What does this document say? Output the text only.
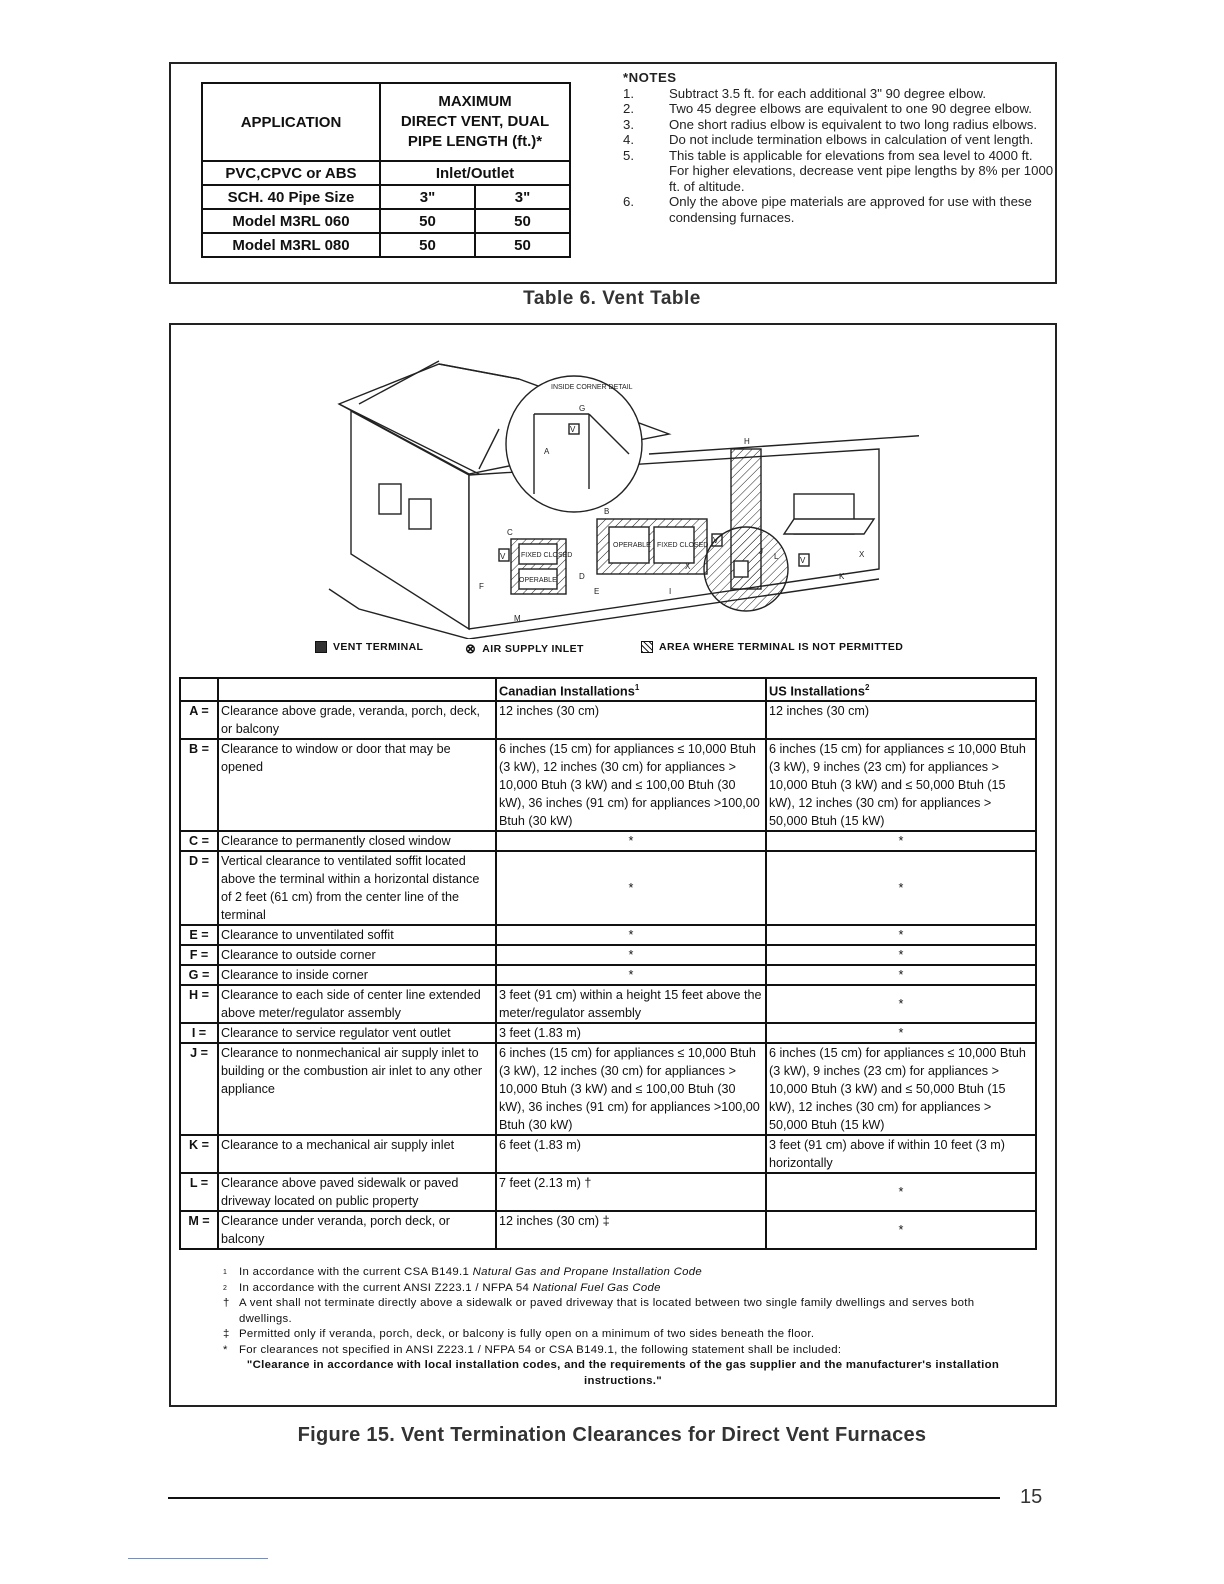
APPLICATION	MAXIMUM
DIRECT VENT, DUAL
PIPE LENGTH (ft.)*	

PVC,CPVC or ABS	Inlet/Outlet	
SCH. 40 Pipe Size	3"	3"
Model M3RL 060	50	50
Model M3RL 080	50	50
*NOTES
1.	Subtract 3.5 ft. for each additional 3" 90 degree elbow.
2.	Two 45 degree elbows are equivalent to one 90 degree elbow.
3.	One short radius elbow is equivalent to two long radius elbows.
4.	Do not include termination elbows in calculation of vent length.
5.	This table is applicable for elevations from sea level to 4000 ft. For higher elevations, decrease vent pipe lengths by 8% per 1000 ft. of altitude.
6.	Only the above pipe materials are approved for use with these condensing furnaces.
Table 6. Vent Table
INSIDE CORNER DETAIL
FIXED CLOSED
OPERABLE
OPERABLE FIXED CLOSED
A
B
C
D
E
F
G
H
I
J
K
L
M
V
V
V
V
X
X
VENT TERMINAL	⊗ AIR SUPPLY INLET	AREA WHERE TERMINAL IS NOT PERMITTED
		Canadian Installations$^1$	US Installations$^2$
A =	Clearance above grade, veranda, porch, deck, or balcony	12 inches (30 cm)	12 inches (30 cm)
B =	Clearance to window or door that may be opened	6 inches (15 cm) for appliances ≤ 10,000 Btuh (3 kW), 12 inches (30 cm) for appliances > 10,000 Btuh (3 kW) and ≤ 100,00 Btuh (30 kW), 36 inches (91 cm) for appliances >100,00 Btuh (30 kW)	6 inches (15 cm) for appliances ≤ 10,000 Btuh (3 kW), 9 inches (23 cm) for appliances > 10,000 Btuh (3 kW) and ≤ 50,000 Btuh (15 kW), 12 inches (30 cm) for appliances > 50,000 Btuh (15 kW)
C =	Clearance to permanently closed window	*	*
D =	Vertical clearance to ventilated soffit located above the terminal within a horizontal distance of 2 feet (61 cm) from the center line of the terminal	*	*
E =	Clearance to unventilated soffit	*	*
F =	Clearance to outside corner	*	*
G =	Clearance to inside corner	*	*
H =	Clearance to each side of center line extended above meter/regulator assembly	3 feet (91 cm) within a height 15 feet above the meter/regulator assembly	*
I =	Clearance to service regulator vent outlet	3 feet (1.83 m)	*
J =	Clearance to nonmechanical air supply inlet to building or the combustion air inlet to any other appliance	6 inches (15 cm) for appliances ≤ 10,000 Btuh (3 kW), 12 inches (30 cm) for appliances > 10,000 Btuh (3 kW) and ≤ 100,00 Btuh (30 kW), 36 inches (91 cm) for appliances >100,00 Btuh (30 kW)	6 inches (15 cm) for appliances ≤ 10,000 Btuh (3 kW), 9 inches (23 cm) for appliances > 10,000 Btuh (3 kW) and ≤ 50,000 Btuh (15 kW), 12 inches (30 cm) for appliances > 50,000 Btuh (15 kW)
K =	Clearance to a mechanical air supply inlet	6 feet (1.83 m)	3 feet (91 cm) above if within 10 feet (3 m) horizontally
L =	Clearance above paved sidewalk or paved driveway located on public property	7 feet (2.13 m) †	*
M =	Clearance under veranda, porch deck, or balcony	12 inches (30 cm) ‡	*
1 In accordance with the current CSA B149.1 Natural Gas and Propane Installation Code
2 In accordance with the current ANSI Z223.1 / NFPA 54 National Fuel Gas Code
† A vent shall not terminate directly above a sidewalk or paved driveway that is located between two single family dwellings and serves both dwellings.
‡ Permitted only if veranda, porch, deck, or balcony is fully open on a minimum of two sides beneath the floor.
* For clearances not specified in ANSI Z223.1 / NFPA 54 or CSA B149.1, the following statement shall be included:
"Clearance in accordance with local installation codes, and the requirements of the gas supplier and the manufacturer's installation instructions."
Figure 15. Vent Termination Clearances for Direct Vent Furnaces
15
